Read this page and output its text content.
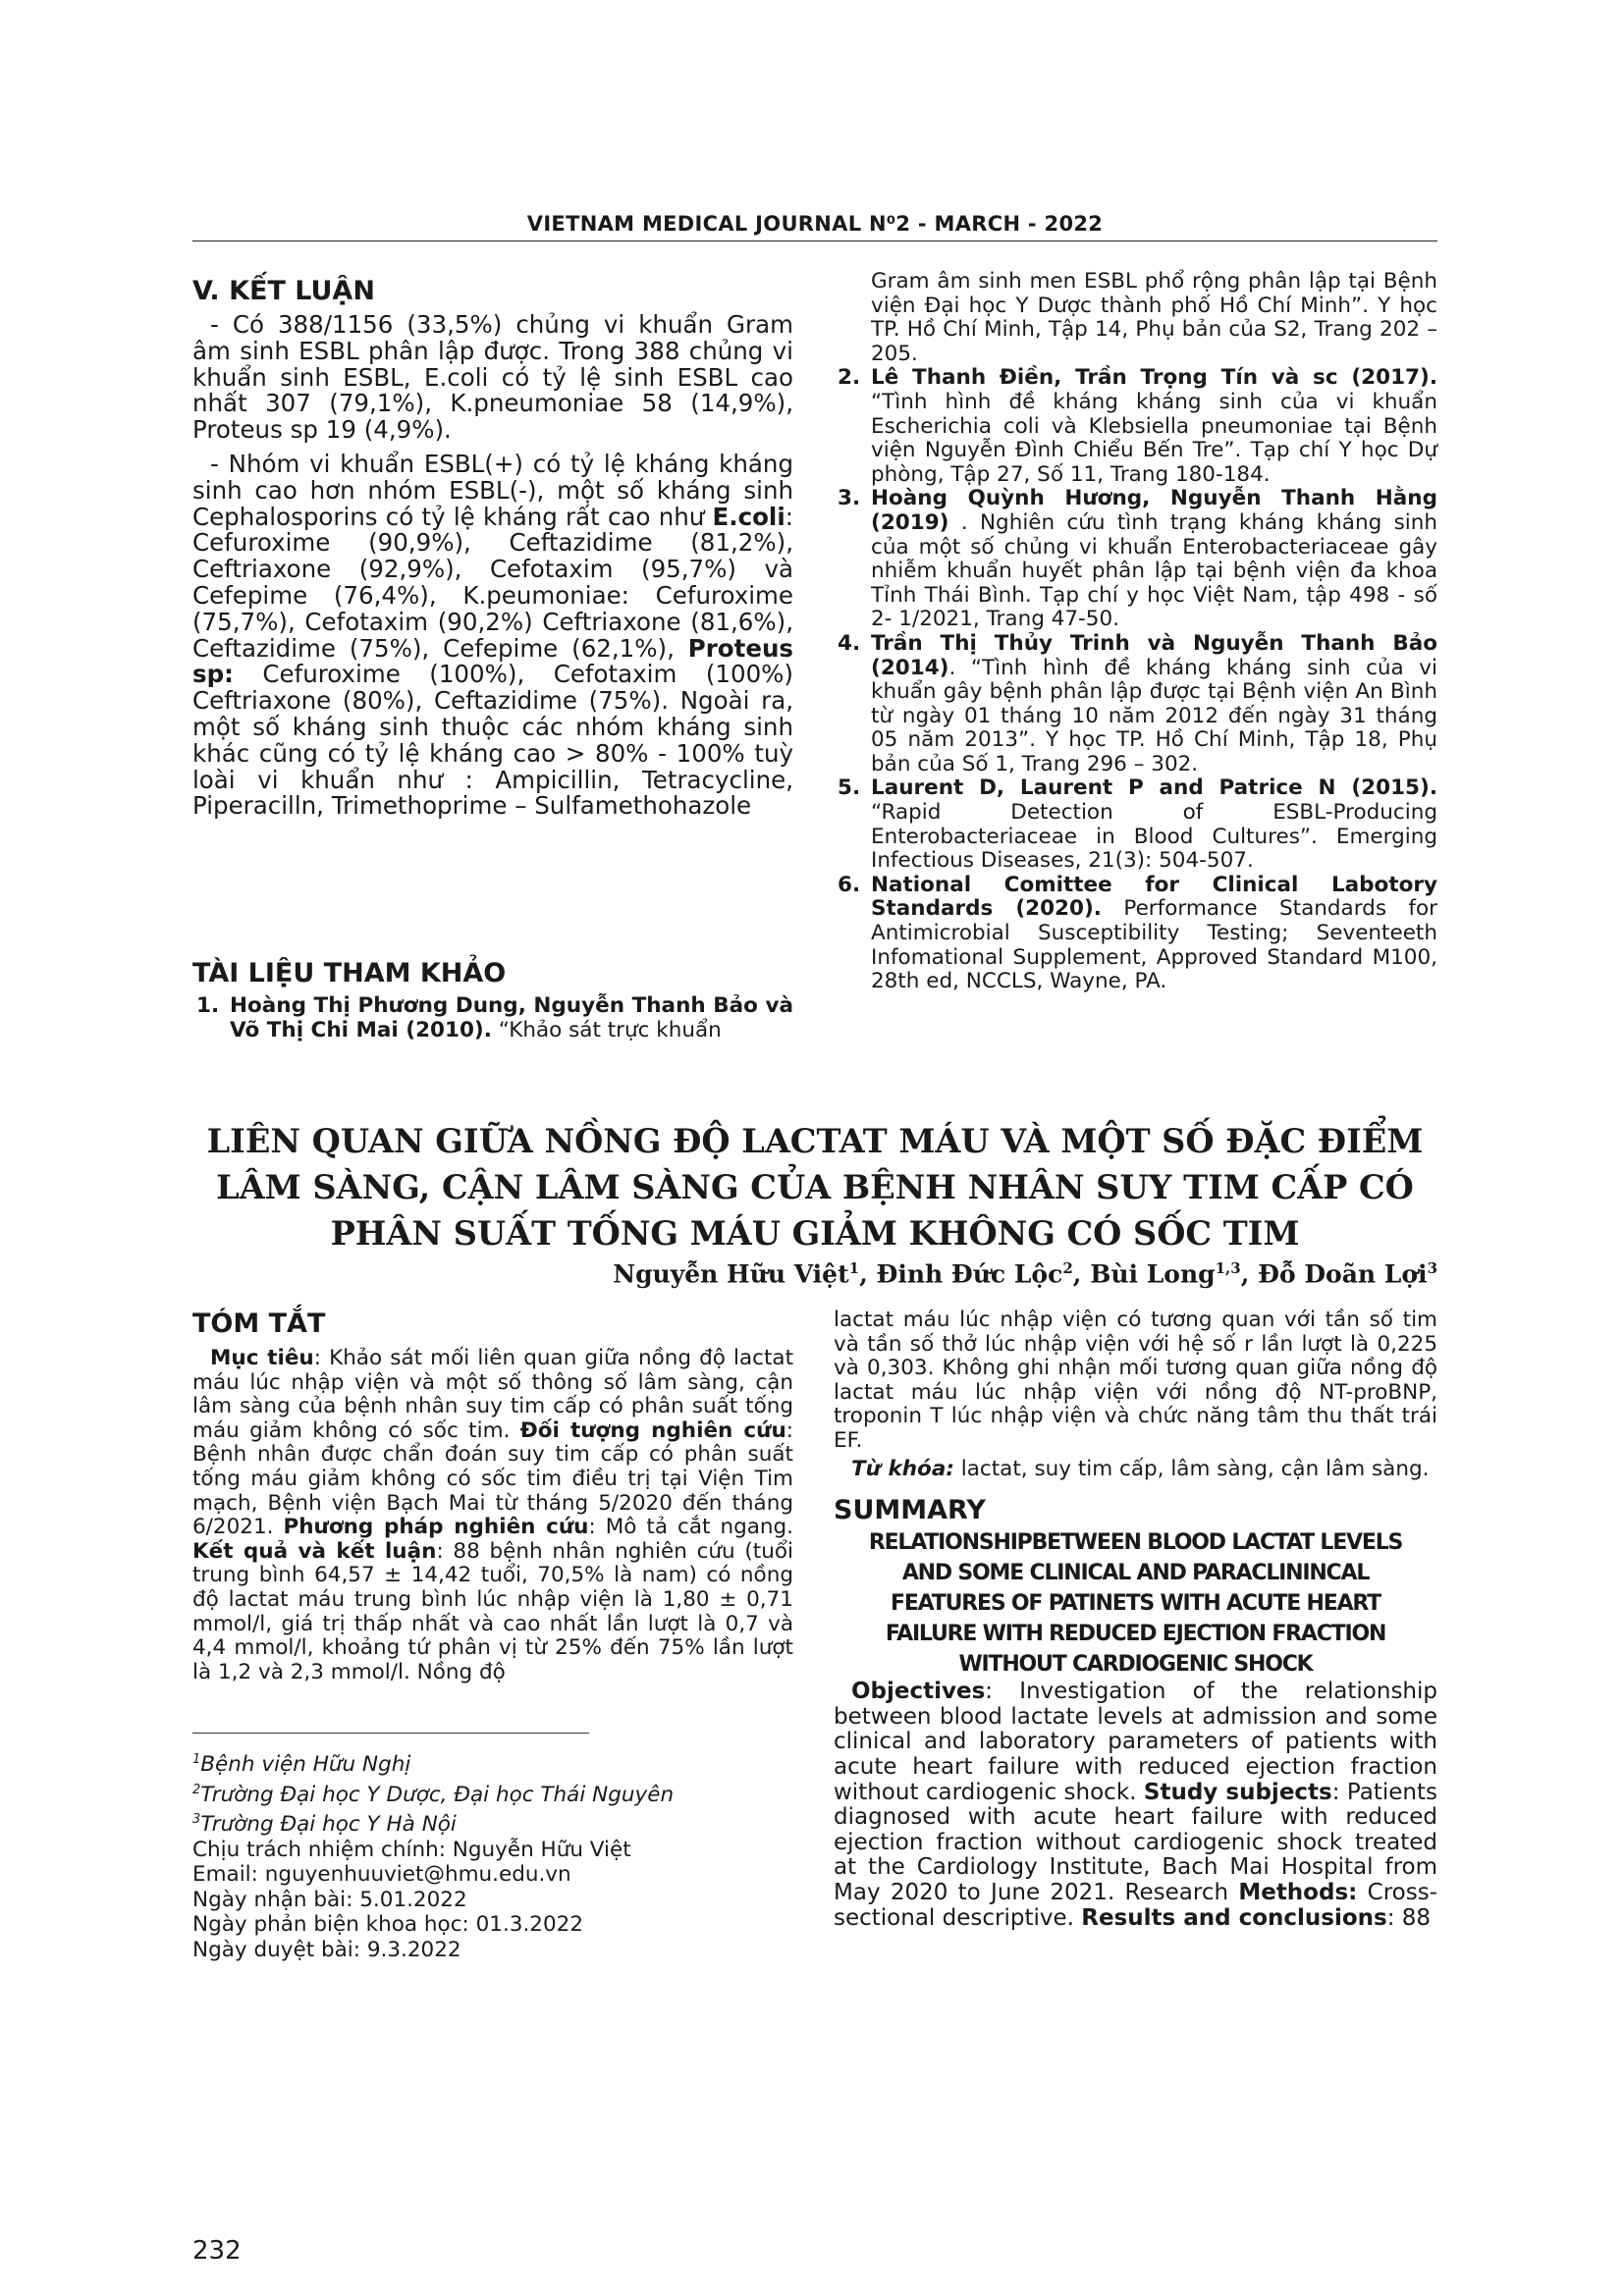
VIETNAM MEDICAL JOURNAL N⁰2 - MARCH - 2022
V. KẾT LUẬN

- Có 388/1156 (33,5%) chủng vi khuẩn Gram âm sinh ESBL phân lập được. Trong 388 chủng vi khuẩn sinh ESBL, E.coli có tỷ lệ sinh ESBL cao nhất 307 (79,1%), K.pneumoniae 58 (14,9%), Proteus sp 19 (4,9%).

- Nhóm vi khuẩn ESBL(+) có tỷ lệ kháng kháng sinh cao hơn nhóm ESBL(-), một số kháng sinh Cephalosporins có tỷ lệ kháng rất cao như E.coli: Cefuroxime (90,9%), Ceftazidime (81,2%), Ceftriaxone (92,9%), Cefotaxim (95,7%) và Cefepime (76,4%), K.peumoniae: Cefuroxime (75,7%), Cefotaxim (90,2%) Ceftriaxone (81,6%), Ceftazidime (75%), Cefepime (62,1%), Proteus sp: Cefuroxime (100%), Cefotaxim (100%) Ceftriaxone (80%), Ceftazidime (75%). Ngoài ra, một số kháng sinh thuộc các nhóm kháng sinh khác cũng có tỷ lệ kháng cao > 80% - 100% tuỳ loài vi khuẩn như : Ampicillin, Tetracycline, Piperacilln, Trimethoprime – Sulfamethohazole

TÀI LIỆU THAM KHẢO
1. Hoàng Thị Phương Dung, Nguyễn Thanh Bảo và Võ Thị Chi Mai (2010). “Khảo sát trực khuẩn

Gram âm sinh men ESBL phổ rộng phân lập tại Bệnh viện Đại học Y Dược thành phố Hồ Chí Minh”. Y học TP. Hồ Chí Minh, Tập 14, Phụ bản của S2, Trang 202 – 205.

2. Lê Thanh Điền, Trần Trọng Tín và sc (2017). “Tình hình đề kháng kháng sinh của vi khuẩn Escherichia coli và Klebsiella pneumoniae tại Bệnh viện Nguyễn Đình Chiểu Bến Tre”. Tạp chí Y học Dự phòng, Tập 27, Số 11, Trang 180-184.
3. Hoàng Quỳnh Hương, Nguyễn Thanh Hằng (2019) . Nghiên cứu tình trạng kháng kháng sinh của một số chủng vi khuẩn Enterobacteriaceae gây nhiễm khuẩn huyết phân lập tại bệnh viện đa khoa Tỉnh Thái Bình. Tạp chí y học Việt Nam, tập 498 - số 2- 1/2021, Trang 47-50.
4. Trần Thị Thủy Trinh và Nguyễn Thanh Bảo (2014). “Tình hình đề kháng kháng sinh của vi khuẩn gây bệnh phân lập được tại Bệnh viện An Bình từ ngày 01 tháng 10 năm 2012 đến ngày 31 tháng 05 năm 2013”. Y học TP. Hồ Chí Minh, Tập 18, Phụ bản của Số 1, Trang 296 – 302.
5. Laurent D, Laurent P and Patrice N (2015). “Rapid Detection of ESBL-Producing Enterobacteriaceae in Blood Cultures”. Emerging Infectious Diseases, 21(3): 504-507.
6. National Comittee for Clinical Labotory Standards (2020). Performance Standards for Antimicrobial Susceptibility Testing; Seventeeth Infomational Supplement, Approved Standard M100, 28th ed, NCCLS, Wayne, PA.
LIÊN QUAN GIỮA NỒNG ĐỘ LACTAT MÁU VÀ MỘT SỐ ĐẶC ĐIỂM
LÂM SÀNG, CẬN LÂM SÀNG CỦA BỆNH NHÂN SUY TIM CẤP CÓ
PHÂN SUẤT TỐNG MÁU GIẢM KHÔNG CÓ SỐC TIM
Nguyễn Hữu Việt$^1$, Đinh Đức Lộc$^2$, Bùi Long$^{1,3}$, Đỗ Doãn Lợi$^3$
TÓM TẮT

Mục tiêu: Khảo sát mối liên quan giữa nồng độ lactat máu lúc nhập viện và một số thông số lâm sàng, cận lâm sàng của bệnh nhân suy tim cấp có phân suất tống máu giảm không có sốc tim. Đối tượng nghiên cứu: Bệnh nhân được chẩn đoán suy tim cấp có phân suất tống máu giảm không có sốc tim điều trị tại Viện Tim mạch, Bệnh viện Bạch Mai từ tháng 5/2020 đến tháng 6/2021. Phương pháp nghiên cứu: Mô tả cắt ngang. Kết quả và kết luận: 88 bệnh nhân nghiên cứu (tuổi trung bình 64,57 ± 14,42 tuổi, 70,5% là nam) có nồng độ lactat máu trung bình lúc nhập viện là 1,80 ± 0,71 mmol/l, giá trị thấp nhất và cao nhất lần lượt là 0,7 và 4,4 mmol/l, khoảng tứ phân vị từ 25% đến 75% lần lượt là 1,2 và 2,3 mmol/l. Nồng độ

$^1$Bệnh viện Hữu Nghị
$^2$Trường Đại học Y Dược, Đại học Thái Nguyên
$^3$Trường Đại học Y Hà Nội
Chịu trách nhiệm chính: Nguyễn Hữu Việt
Email: nguyenhuuviet@hmu.edu.vn
Ngày nhận bài: 5.01.2022
Ngày phản biện khoa học: 01.3.2022
Ngày duyệt bài: 9.3.2022

lactat máu lúc nhập viện có tương quan với tần số tim và tần số thở lúc nhập viện với hệ số r lần lượt là 0,225 và 0,303. Không ghi nhận mối tương quan giữa nồng độ lactat máu lúc nhập viện với nồng độ NT-proBNP, troponin T lúc nhập viện và chức năng tâm thu thất trái EF.

Từ khóa: lactat, suy tim cấp, lâm sàng, cận lâm sàng.

SUMMARY
RELATIONSHIPBETWEEN BLOOD LACTAT LEVELS
AND SOME CLINICAL AND PARACLININCAL
FEATURES OF PATINETS WITH ACUTE HEART
FAILURE WITH REDUCED EJECTION FRACTION
WITHOUT CARDIOGENIC SHOCK

Objectives: Investigation of the relationship between blood lactate levels at admission and some clinical and laboratory parameters of patients with acute heart failure with reduced ejection fraction without cardiogenic shock. Study subjects: Patients diagnosed with acute heart failure with reduced ejection fraction without cardiogenic shock treated at the Cardiology Institute, Bach Mai Hospital from May 2020 to June 2021. Research Methods: Cross-sectional descriptive. Results and conclusions: 88

232
